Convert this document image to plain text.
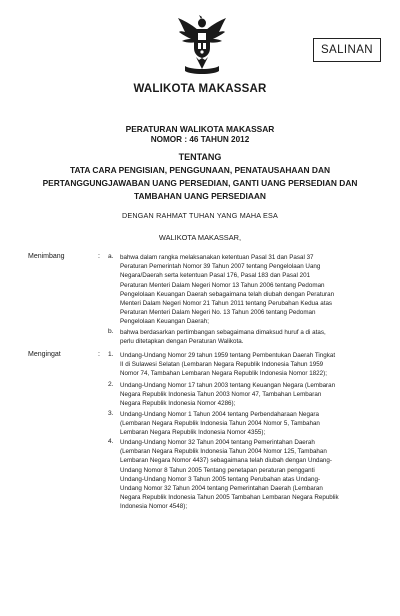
SALINAN
WALIKOTA MAKASSAR
PERATURAN WALIKOTA MAKASSAR
NOMOR : 46 TAHUN 2012
TENTANG
TATA CARA PENGISIAN, PENGGUNAAN, PENATAUSAHAAN DAN
PERTANGGUNGJAWABAN UANG PERSEDIAN, GANTI UANG PERSEDIAN DAN
TAMBAHAN UANG PERSEDIAAN
DENGAN RAHMAT TUHAN YANG MAHA ESA
WALIKOTA MAKASSAR,
Menimbang	: a. bahwa dalam rangka melaksanakan ketentuan Pasal 31 dan Pasal 37
Peraturan Pemerintah Nomor 39 Tahun 2007 tentang Pengelolaan Uang
Negara/Daerah serta ketentuan Pasal 176, Pasal 183 dan Pasal 201
Peraturan Menteri Dalam Negeri Nomor 13 Tahun 2006 tentang Pedoman
Pengelolaan Keuangan Daerah sebagaimana telah diubah dengan Peraturan
Menteri Dalam Negeri Nomor 21 Tahun 2011 tentang Perubahan Kedua atas
Peraturan Menteri Dalam Negeri No. 13 Tahun 2006 tentang Pedoman
Pengelolaan Keuangan Daerah;
b. bahwa berdasarkan pertimbangan sebagaimana dimaksud huruf a di atas,
perlu ditetapkan dengan Peraturan Walikota.
Mengingat	: 1. Undang-Undang Nomor 29 tahun 1959 tentang Pembentukan Daerah Tingkat
II di Sulawesi Selatan (Lembaran Negara Republik Indonesia Tahun 1959
Nomor 74, Tambahan Lembaran Negara Republik Indonesia Nomor 1822);
2. Undang-Undang Nomor 17 tahun 2003 tentang Keuangan Negara (Lembaran
Negara Republik Indonesia Tahun 2003 Nomor 47, Tambahan Lembaran
Negara Republik Indonesia Nomor 4286);
3. Undang-Undang Nomor 1 Tahun 2004 tentang Perbendaharaan Negara
(Lembaran Negara Republik Indonesia Tahun 2004 Nomor 5, Tambahan
Lembaran Negara Republik Indonesia Nomor 4355);
4. Undang-Undang Nomor 32 Tahun 2004 tentang Pemerintahan Daerah
(Lembaran Negara Republik Indonesia Tahun 2004 Nomor 125, Tambahan
Lembaran Negara Nomor 4437) sebagaimana telah diubah dengan Undang-
Undang Nomor 8 Tahun 2005 Tentang penetapan peraturan pengganti
Undang-Undang Nomor 3 Tahun 2005 tentang Perubahan atas Undang-
Undang Nomor 32 Tahun 2004 tentang Pemerintahan Daerah (Lembaran
Negara Republik Indonesia Tahun 2005 Tambahan Lembaran Negara Republik
Indonesia Nomor 4548);
